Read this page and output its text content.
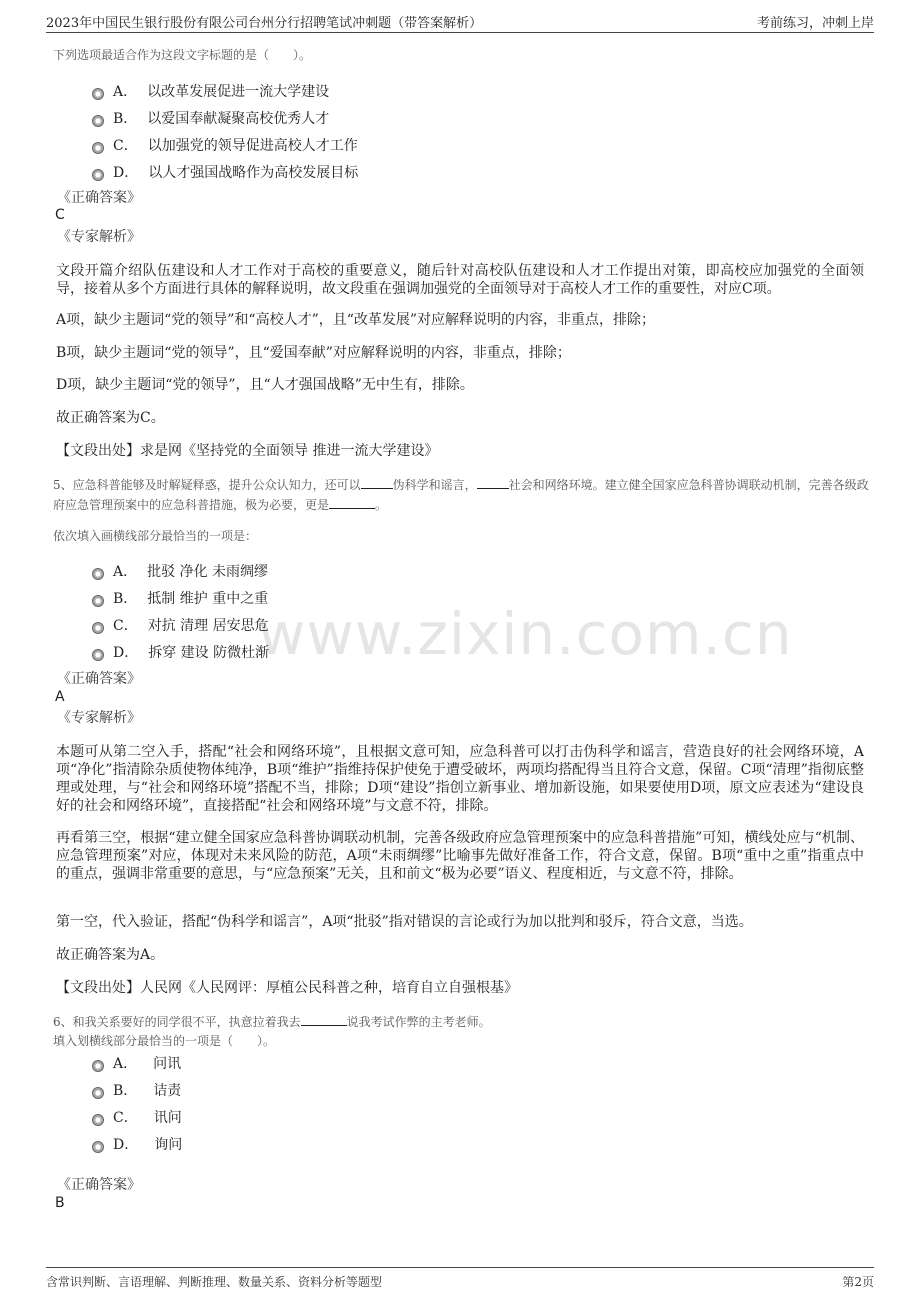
2023年中国民生银行股份有限公司台州分行招聘笔试冲刺题（带答案解析）	考前练习，冲刺上岸
www.zixin.com.cn
下列选项最适合作为这段文字标题的是（　　）。
A． 以改革发展促进一流大学建设
B． 以爱国奉献凝聚高校优秀人才
C． 以加强党的领导促进高校人才工作
D． 以人才强国战略作为高校发展目标
《正确答案》
C
《专家解析》
文段开篇介绍队伍建设和人才工作对于高校的重要意义，随后针对高校队伍建设和人才工作提出对策，即高校应加强党的全面领导，接着从多个方面进行具体的解释说明，故文段重在强调加强党的全面领导对于高校人才工作的重要性，对应C项。
A项，缺少主题词“党的领导”和“高校人才”，且“改革发展”对应解释说明的内容，非重点，排除；
B项，缺少主题词“党的领导”，且“爱国奉献”对应解释说明的内容，非重点，排除；
D项，缺少主题词“党的领导”，且“人才强国战略”无中生有，排除。
故正确答案为C。
【文段出处】求是网《坚持党的全面领导 推进一流大学建设》
5、应急科普能够及时解疑释惑，提升公众认知力，还可以	伪科学和谣言，	社会和网络环境。建立健全国家应急科普协调联动机制，完善各级政府应急管理预案中的应急科普措施，极为必要，更是	。
依次填入画横线部分最恰当的一项是：
A． 批驳 净化 未雨绸缪
B． 抵制 维护 重中之重
C． 对抗 清理 居安思危
D． 拆穿 建设 防微杜渐
《正确答案》
A
《专家解析》
本题可从第二空入手，搭配“社会和网络环境”，且根据文意可知，应急科普可以打击伪科学和谣言，营造良好的社会网络环境，A项“净化”指清除杂质使物体纯净，B项“维护”指维持保护使免于遭受破坏，两项均搭配得当且符合文意，保留。C项“清理”指彻底整理或处理，与“社会和网络环境”搭配不当，排除；D项“建设”指创立新事业、增加新设施，如果要使用D项，原文应表述为“建设良好的社会和网络环境”，直接搭配“社会和网络环境”与文意不符，排除。
再看第三空，根据“建立健全国家应急科普协调联动机制，完善各级政府应急管理预案中的应急科普措施”可知，横线处应与“机制、应急管理预案”对应，体现对未来风险的防范，A项“未雨绸缪”比喻事先做好准备工作，符合文意，保留。B项“重中之重”指重点中的重点，强调非常重要的意思，与“应急预案”无关，且和前文“极为必要”语义、程度相近，与文意不符，排除。
第一空，代入验证，搭配“伪科学和谣言”，A项“批驳”指对错误的言论或行为加以批判和驳斥，符合文意，当选。
故正确答案为A。
【文段出处】人民网《人民网评：厚植公民科普之种，培育自立自强根基》
6、和我关系要好的同学很不平，执意拉着我去	说我考试作弊的主考老师。
填入划横线部分最恰当的一项是（　　）。
A． 问讯
B． 诘责
C． 讯问
D． 询问
《正确答案》
B
含常识判断、言语理解、判断推理、数量关系、资料分析等题型	第2页
